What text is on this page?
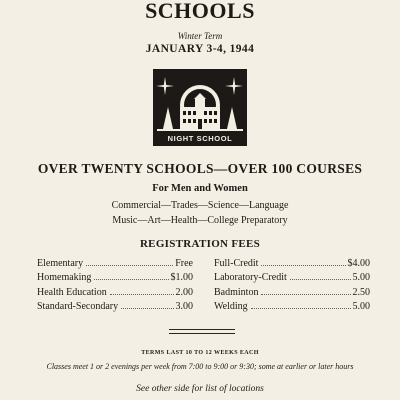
SCHOOLS
Winter Term
JANUARY 3-4, 1944
NIGHT SCHOOL
OVER TWENTY SCHOOLS—OVER 100 COURSES
For Men and Women
Commercial—Trades—Science—Language
Music—Art—Health—College Preparatory
REGISTRATION FEES
Elementary	Free
Homemaking	$1.00
Health Education	2.00
Standard-Secondary	3.00
Full-Credit	$4.00
Laboratory-Credit	5.00
Badminton	2.50
Welding	5.00
TERMS LAST 10 TO 12 WEEKS EACH
Classes meet 1 or 2 evenings per week from 7:00 to 9:00 or 9:30; some at earlier or later hours
See other side for list of locations
